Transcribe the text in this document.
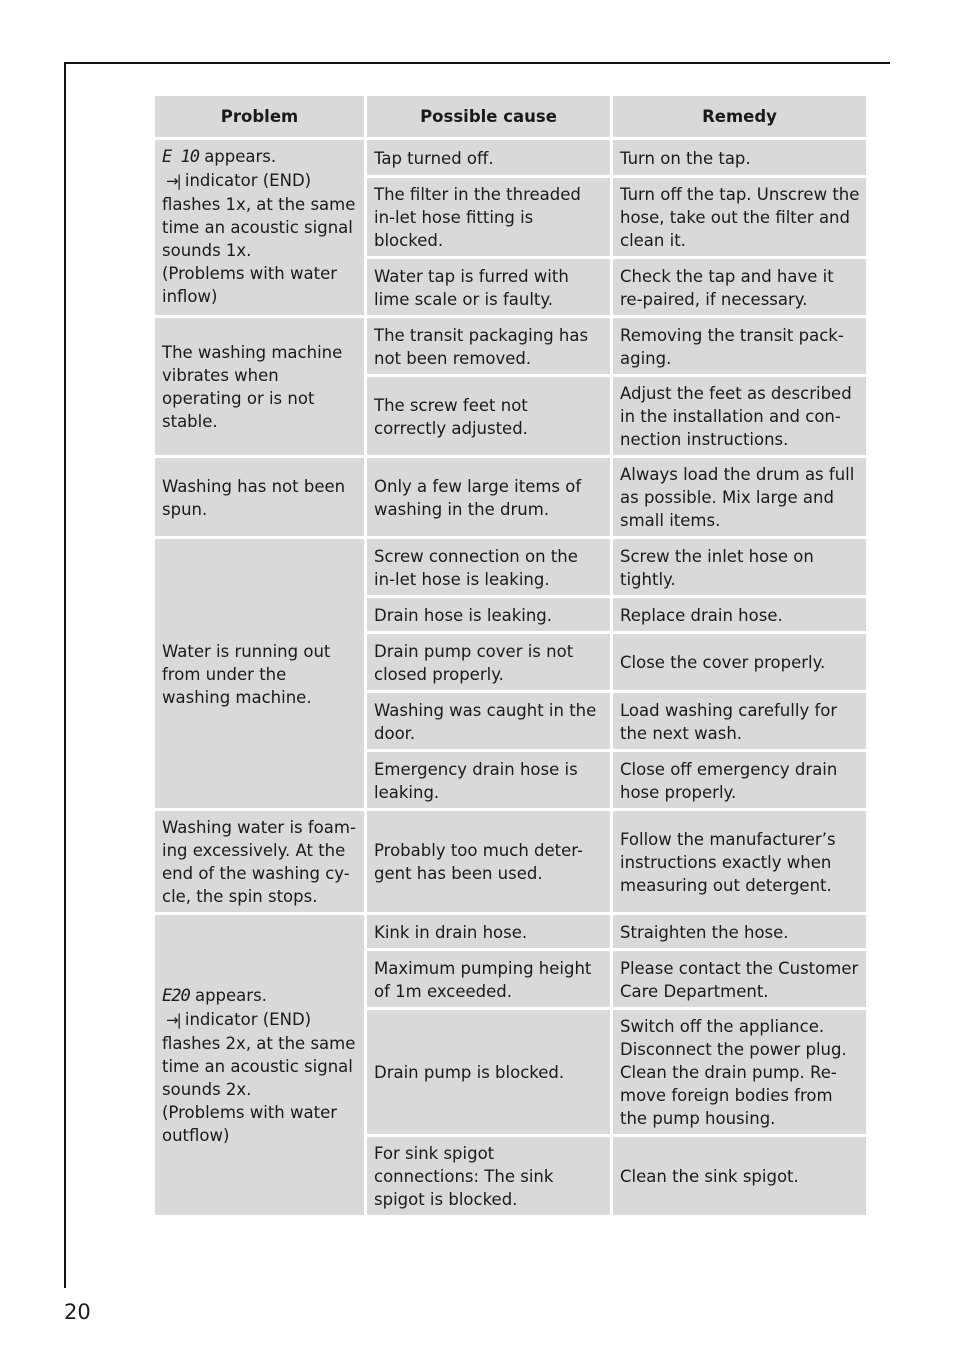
Problem	Possible cause	Remedy

E 10 appears.
→| indicator (END) flashes 1x, at the same time an acoustic signal sounds 1x.
(Problems with water inflow)	Tap turned off.	Turn on the tap.
	The filter in the threaded in-let hose fitting is blocked.	Turn off the tap. Unscrew the hose, take out the filter and clean it.
	Water tap is furred with lime scale or is faulty.	Check the tap and have it re-paired, if necessary.
The washing machine vibrates when operating or is not stable.	The transit packaging has not been removed.	Removing the transit pack-aging.
	The screw feet not correctly adjusted.	Adjust the feet as described in the installation and con-nection instructions.
Washing has not been spun.	Only a few large items of washing in the drum.	Always load the drum as full as possible. Mix large and small items.
Water is running out from under the washing machine.	Screw connection on the in-let hose is leaking.	Screw the inlet hose on tightly.
	Drain hose is leaking.	Replace drain hose.
	Drain pump cover is not closed properly.	Close the cover properly.
	Washing was caught in the door.	Load washing carefully for the next wash.
	Emergency drain hose is leaking.	Close off emergency drain hose properly.
Washing water is foam-ing excessively. At the end of the washing cy-cle, the spin stops.	Probably too much deter-gent has been used.	Follow the manufacturer’s instructions exactly when measuring out detergent.

E20 appears.
→| indicator (END) flashes 2x, at the same time an acoustic signal sounds 2x.
(Problems with water outflow)	Kink in drain hose.	Straighten the hose.
	Maximum pumping height of 1m exceeded.	Please contact the Customer Care Department.
	Drain pump is blocked.	Switch off the appliance. Disconnect the power plug. Clean the drain pump. Re-move foreign bodies from the pump housing.
	For sink spigot connections: The sink spigot is blocked.	Clean the sink spigot.
20
